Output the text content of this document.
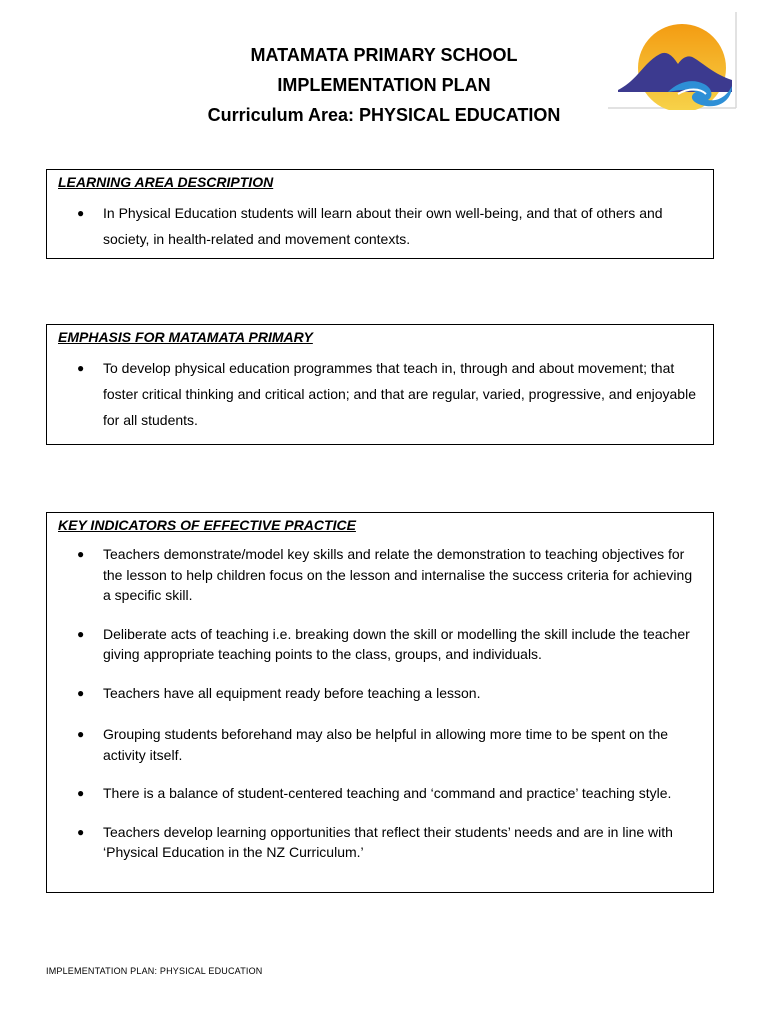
MATAMATA PRIMARY SCHOOL
IMPLEMENTATION PLAN
Curriculum Area: PHYSICAL EDUCATION
LEARNING AREA DESCRIPTION
● In Physical Education students will learn about their own well-being, and that of others and society, in health-related and movement contexts.
EMPHASIS FOR MATAMATA PRIMARY
● To develop physical education programmes that teach in, through and about movement; that foster critical thinking and critical action; and that are regular, varied, progressive, and enjoyable for all students.
KEY INDICATORS OF EFFECTIVE PRACTICE
● Teachers demonstrate/model key skills and relate the demonstration to teaching objectives for the lesson to help children focus on the lesson and internalise the success criteria for achieving a specific skill.
● Deliberate acts of teaching i.e. breaking down the skill or modelling the skill include the teacher giving appropriate teaching points to the class, groups, and individuals.
● Teachers have all equipment ready before teaching a lesson.
● Grouping students beforehand may also be helpful in allowing more time to be spent on the activity itself.
● There is a balance of student-centered teaching and ‘command and practice’ teaching style.
● Teachers develop learning opportunities that reflect their students’ needs and are in line with ‘Physical Education in the NZ Curriculum.’
IMPLEMENTATION PLAN: PHYSICAL EDUCATION
